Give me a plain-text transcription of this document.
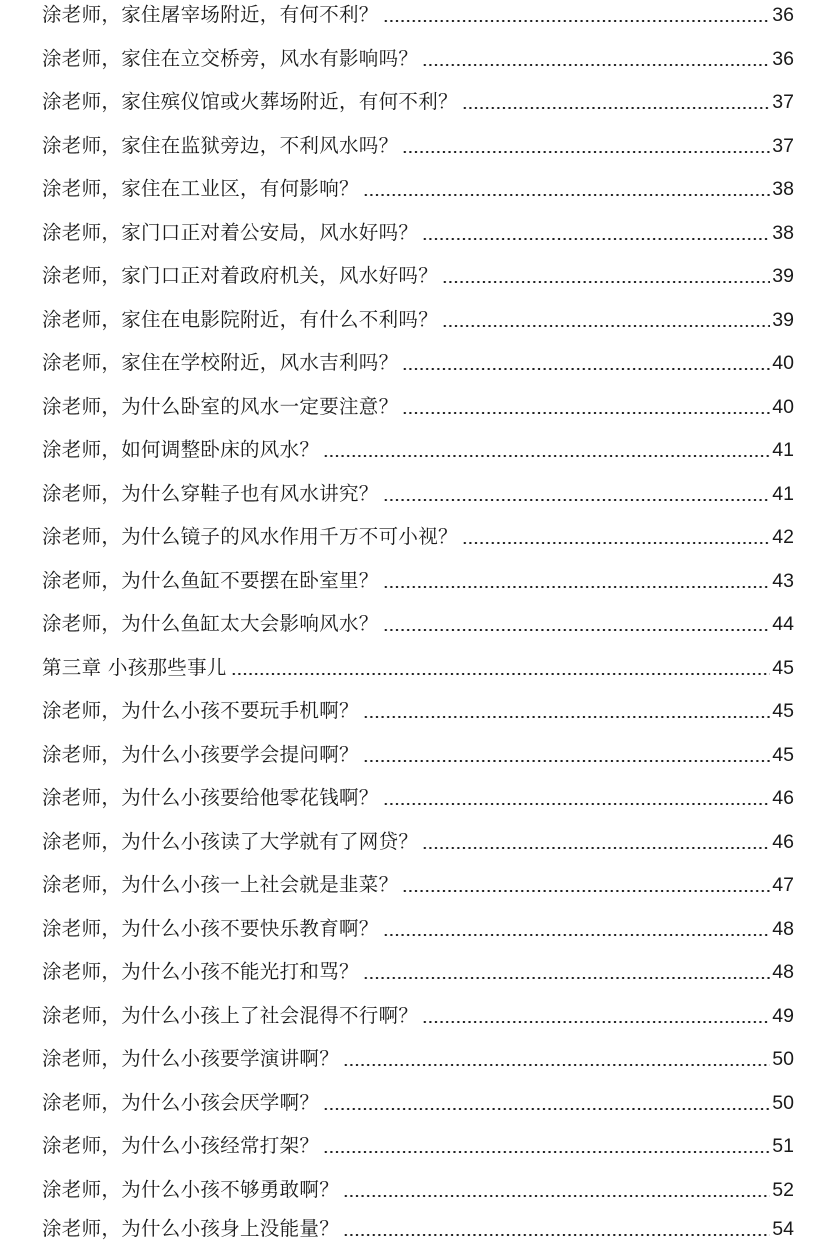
涂老师，家住屠宰场附近，有何不利？	36
涂老师，家住在立交桥旁，风水有影响吗？	36
涂老师，家住殡仪馆或火葬场附近，有何不利？	37
涂老师，家住在监狱旁边，不利风水吗？	37
涂老师，家住在工业区，有何影响？	38
涂老师，家门口正对着公安局，风水好吗？	38
涂老师，家门口正对着政府机关，风水好吗？	39
涂老师，家住在电影院附近，有什么不利吗？	39
涂老师，家住在学校附近，风水吉利吗？	40
涂老师，为什么卧室的风水一定要注意？	40
涂老师，如何调整卧床的风水？	41
涂老师，为什么穿鞋子也有风水讲究？	41
涂老师，为什么镜子的风水作用千万不可小视？	42
涂老师，为什么鱼缸不要摆在卧室里？	43
涂老师，为什么鱼缸太大会影响风水？	44
第三章 小孩那些事儿	45
涂老师，为什么小孩不要玩手机啊？	45
涂老师，为什么小孩要学会提问啊？	45
涂老师，为什么小孩要给他零花钱啊？	46
涂老师，为什么小孩读了大学就有了网贷？	46
涂老师，为什么小孩一上社会就是韭菜？	47
涂老师，为什么小孩不要快乐教育啊？	48
涂老师，为什么小孩不能光打和骂？	48
涂老师，为什么小孩上了社会混得不行啊？	49
涂老师，为什么小孩要学演讲啊？	50
涂老师，为什么小孩会厌学啊？	50
涂老师，为什么小孩经常打架？	51
涂老师，为什么小孩不够勇敢啊？	52
涂老师，为什么小孩身上没能量？	54
